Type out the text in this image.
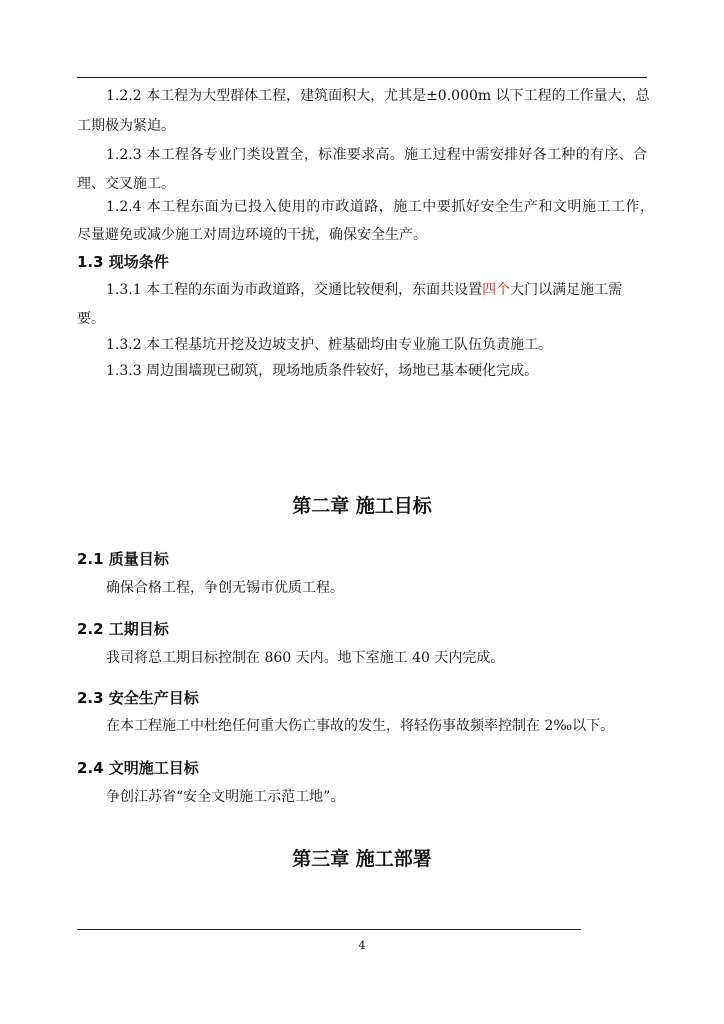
1.2.2 本工程为大型群体工程，建筑面积大，尤其是±0.000m 以下工程的工作量大，总
工期极为紧迫。
1.2.3 本工程各专业门类设置全，标准要求高。施工过程中需安排好各工种的有序、合
理、交叉施工。
1.2.4 本工程东面为已投入使用的市政道路，施工中要抓好安全生产和文明施工工作，
尽量避免或减少施工对周边环境的干扰，确保安全生产。
1.3 现场条件
1.3.1 本工程的东面为市政道路，交通比较便利，东面共设置四个大门以满足施工需
要。
1.3.2 本工程基坑开挖及边坡支护、桩基础均由专业施工队伍负责施工。
1.3.3 周边围墙现已砌筑，现场地质条件较好，场地已基本硬化完成。
第二章 施工目标
2.1 质量目标
确保合格工程，争创无锡市优质工程。
2.2 工期目标
我司将总工期目标控制在 860 天内。地下室施工 40 天内完成。
2.3 安全生产目标
在本工程施工中杜绝任何重大伤亡事故的发生，将轻伤事故频率控制在 2‰以下。
2.4 文明施工目标
争创江苏省“安全文明施工示范工地”。
第三章 施工部署
4
